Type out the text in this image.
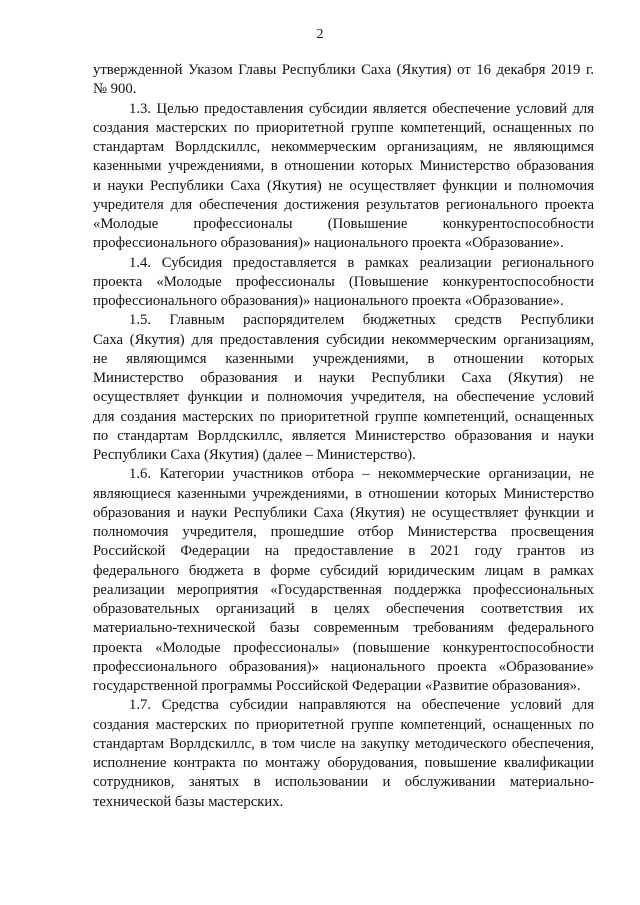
2
утвержденной Указом Главы Республики Саха (Якутия) от 16 декабря 2019 г.
№ 900.
1.3. Целью предоставления субсидии является обеспечение условий для
создания мастерских по приоритетной группе компетенций, оснащенных по
стандартам Ворлдскиллс, некоммерческим организациям, не являющимся
казенными учреждениями, в отношении которых Министерство образования
и науки Республики Саха (Якутия) не осуществляет функции и полномочия
учредителя для обеспечения достижения результатов регионального проекта
«Молодые профессионалы (Повышение конкурентоспособности
профессионального образования)» национального проекта «Образование».
1.4. Субсидия предоставляется в рамках реализации регионального
проекта «Молодые профессионалы (Повышение конкурентоспособности
профессионального образования)» национального проекта «Образование».
1.5. Главным распорядителем бюджетных средств Республики
Саха (Якутия) для предоставления субсидии некоммерческим организациям,
не являющимся казенными учреждениями, в отношении которых
Министерство образования и науки Республики Саха (Якутия) не
осуществляет функции и полномочия учредителя, на обеспечение условий
для создания мастерских по приоритетной группе компетенций, оснащенных
по стандартам Ворлдскиллс, является Министерство образования и науки
Республики Саха (Якутия) (далее – Министерство).
1.6. Категории участников отбора – некоммерческие организации, не
являющиеся казенными учреждениями, в отношении которых Министерство
образования и науки Республики Саха (Якутия) не осуществляет функции и
полномочия учредителя, прошедшие отбор Министерства просвещения
Российской Федерации на предоставление в 2021 году грантов из
федерального бюджета в форме субсидий юридическим лицам в рамках
реализации мероприятия «Государственная поддержка профессиональных
образовательных организаций в целях обеспечения соответствия их
материально-технической базы современным требованиям федерального
проекта «Молодые профессионалы» (повышение конкурентоспособности
профессионального образования)» национального проекта «Образование»
государственной программы Российской Федерации «Развитие образования».
1.7. Средства субсидии направляются на обеспечение условий для
создания мастерских по приоритетной группе компетенций, оснащенных по
стандартам Ворлдскиллс, в том числе на закупку методического обеспечения,
исполнение контракта по монтажу оборудования, повышение квалификации
сотрудников, занятых в использовании и обслуживании материально-
технической базы мастерских.
